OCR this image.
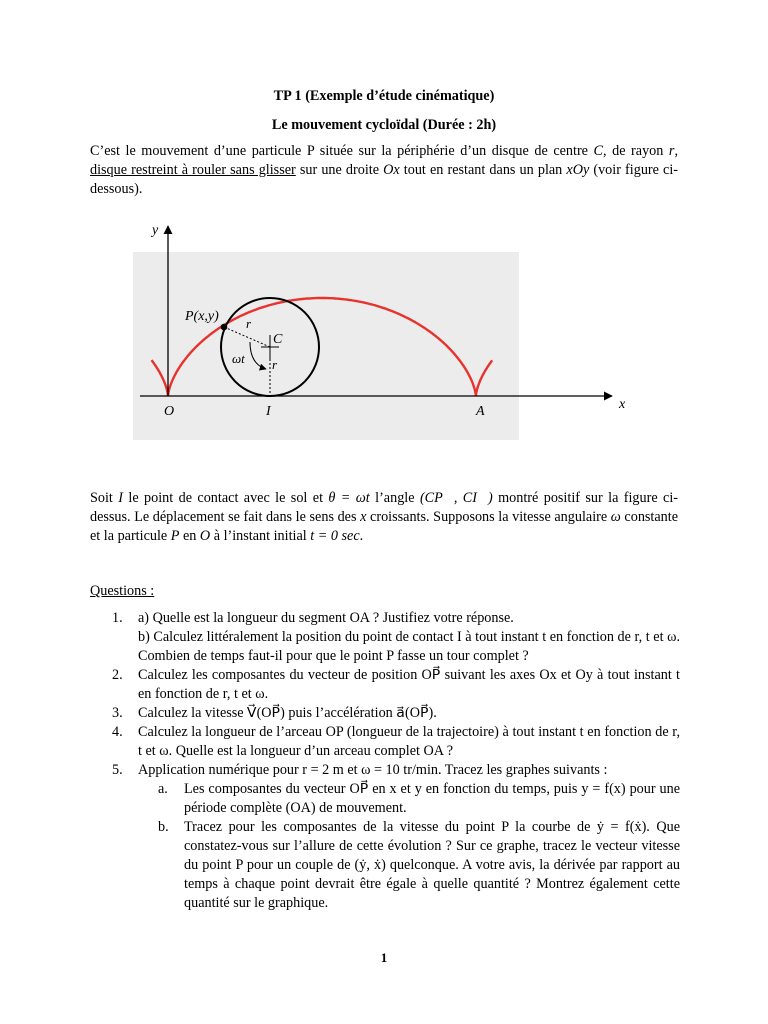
TP 1 (Exemple d’étude cinématique)
Le mouvement cycloïdal (Durée : 2h)
C’est le mouvement d’une particule P située sur la périphérie d’un disque de centre C, de rayon r, disque restreint à rouler sans glisser sur une droite Ox tout en restant dans un plan xOy (voir figure ci-dessous).
y
x
P(x,y)
C
r
r
ωt
O	I	A
Soit I le point de contact avec le sol et θ = ωt l’angle (CP⃗, CI⃗) montré positif sur la figure ci-dessus. Le déplacement se fait dans le sens des x croissants. Supposons la vitesse angulaire ω constante et la particule P en O à l’instant initial t = 0 sec.
Questions :
1. a) Quelle est la longueur du segment OA ? Justifiez votre réponse.
b) Calculez littéralement la position du point de contact I à tout instant t en fonction de r, t et ω. Combien de temps faut-il pour que le point P fasse un tour complet ?
2. Calculez les composantes du vecteur de position OP⃗ suivant les axes Ox et Oy à tout instant t en fonction de r, t et ω.
3. Calculez la vitesse V⃗(OP⃗) puis l’accélération a⃗(OP⃗).
4. Calculez la longueur de l’arceau OP (longueur de la trajectoire) à tout instant t en fonction de r, t et ω. Quelle est la longueur d’un arceau complet OA ?
5. Application numérique pour r = 2 m et ω = 10 tr/min. Tracez les graphes suivants :
a. Les composantes du vecteur OP⃗ en x et y en fonction du temps, puis y = f(x) pour une période complète (OA) de mouvement.
b. Tracez pour les composantes de la vitesse du point P la courbe de ẏ = f(ẋ). Que constatez-vous sur l’allure de cette évolution ? Sur ce graphe, tracez le vecteur vitesse du point P pour un couple de (ẏ, ẋ) quelconque. A votre avis, la dérivée par rapport au temps à chaque point devrait être égale à quelle quantité ? Montrez également cette quantité sur le graphique.
1
